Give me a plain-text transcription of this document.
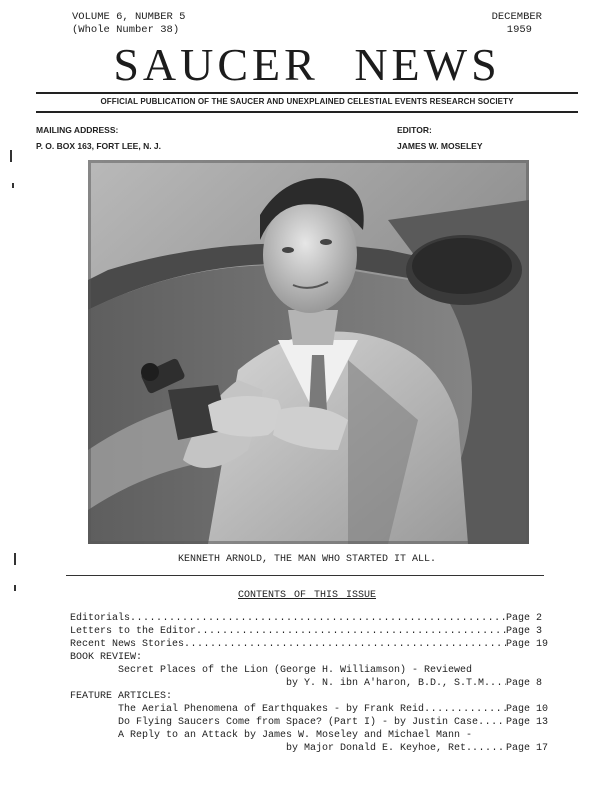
VOLUME 6, NUMBER 5
(Whole Number 38)
DECEMBER
1959
SAUCER NEWS
OFFICIAL PUBLICATION OF THE SAUCER AND UNEXPLAINED CELESTIAL EVENTS RESEARCH SOCIETY
MAILING ADDRESS:
P. O. BOX 163, FORT LEE, N. J.
EDITOR:
JAMES W. MOSELEY
KENNETH ARNOLD, THE MAN WHO STARTED IT ALL.
CONTENTS OF THIS ISSUE
Editorials .....	Page 2
Letters to the Editor .....	Page 3
Recent News Stories .....	Page 19
BOOK REVIEW:
Secret Places of the Lion (George H. Williamson) - Reviewed
by Y. N. ibn A'haron, B.D., S.T.M. ..... Page 8
FEATURE ARTICLES:
The Aerial Phenomena of Earthquakes - by Frank Reid .....	Page 10
Do Flying Saucers Come from Space? (Part I) - by Justin Case .....	Page 13
A Reply to an Attack by James W. Moseley and Michael Mann -
by Major Donald E. Keyhoe, Ret. .....	Page 17
